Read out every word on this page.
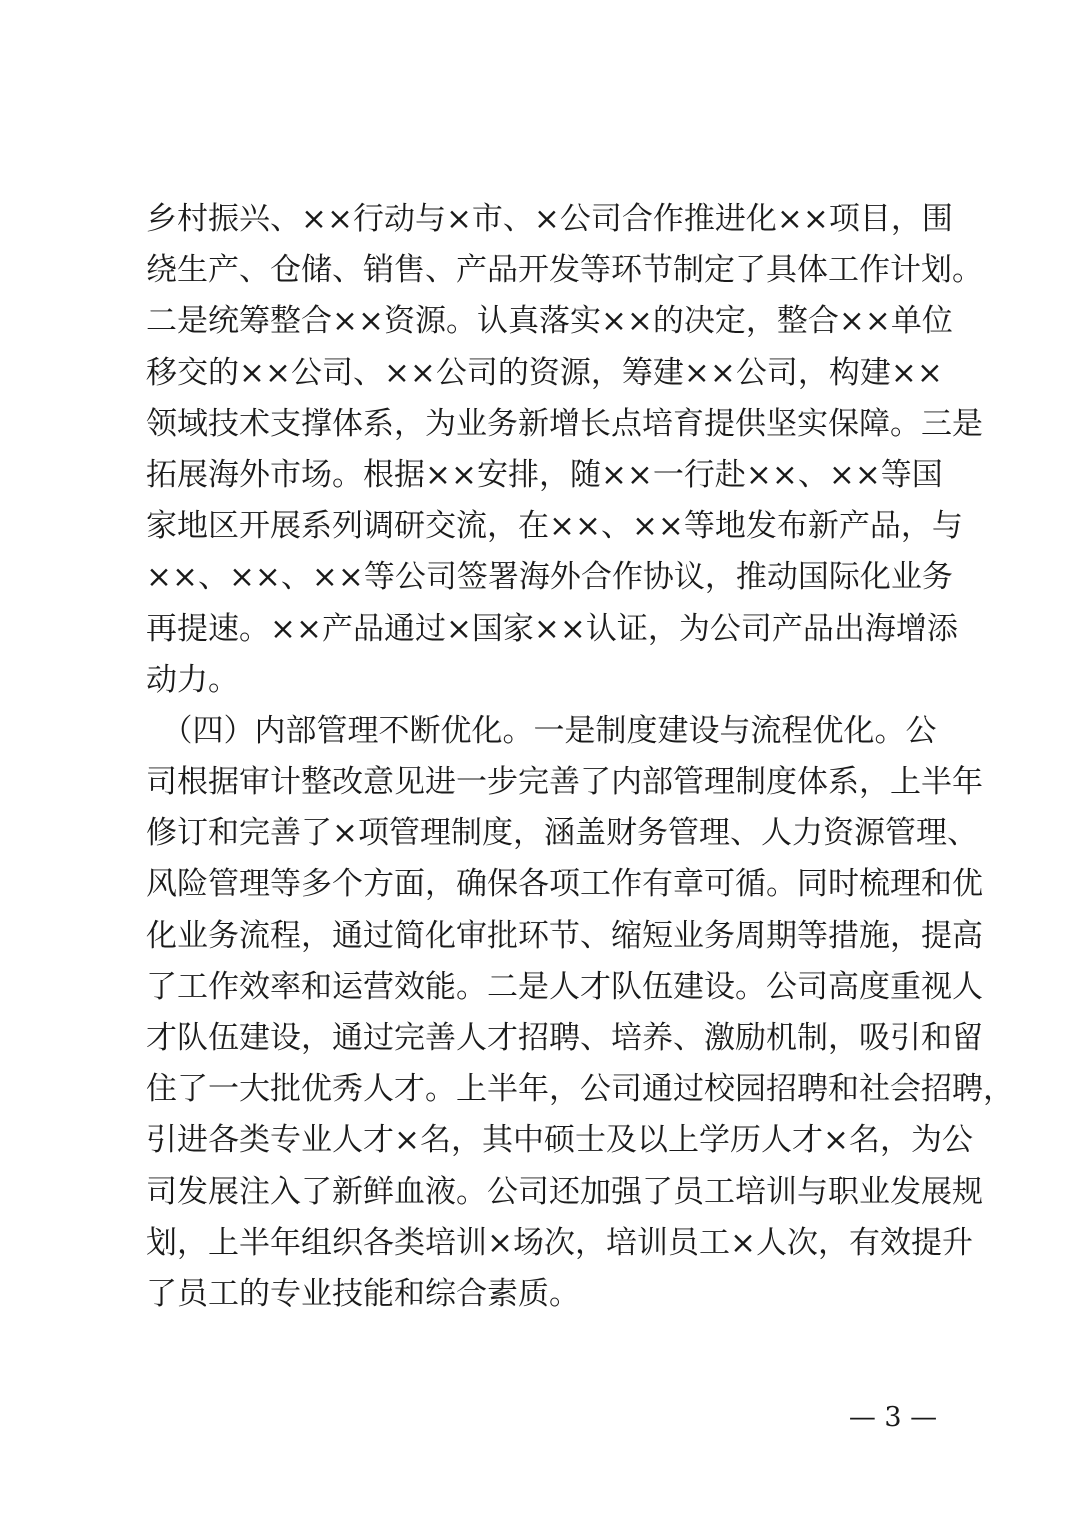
乡村振兴、××行动与×市、×公司合作推进化××项目，围
绕生产、仓储、销售、产品开发等环节制定了具体工作计划。
二是统筹整合××资源。认真落实××的决定，整合××单位
移交的××公司、××公司的资源，筹建××公司，构建××
领域技术支撑体系，为业务新增长点培育提供坚实保障。三是
拓展海外市场。根据××安排，随××一行赴××、××等国
家地区开展系列调研交流，在××、××等地发布新产品，与
××、××、××等公司签署海外合作协议，推动国际化业务
再提速。××产品通过×国家××认证，为公司产品出海增添
动力。
　（四）内部管理不断优化。一是制度建设与流程优化。公
司根据审计整改意见进一步完善了内部管理制度体系，上半年
修订和完善了×项管理制度，涵盖财务管理、人力资源管理、
风险管理等多个方面，确保各项工作有章可循。同时梳理和优
化业务流程，通过简化审批环节、缩短业务周期等措施，提高
了工作效率和运营效能。二是人才队伍建设。公司高度重视人
才队伍建设，通过完善人才招聘、培养、激励机制，吸引和留
住了一大批优秀人才。上半年，公司通过校园招聘和社会招聘，
引进各类专业人才×名，其中硕士及以上学历人才×名，为公
司发展注入了新鲜血液。公司还加强了员工培训与职业发展规
划，上半年组织各类培训×场次，培训员工×人次，有效提升
了员工的专业技能和综合素质。
— 3 —
